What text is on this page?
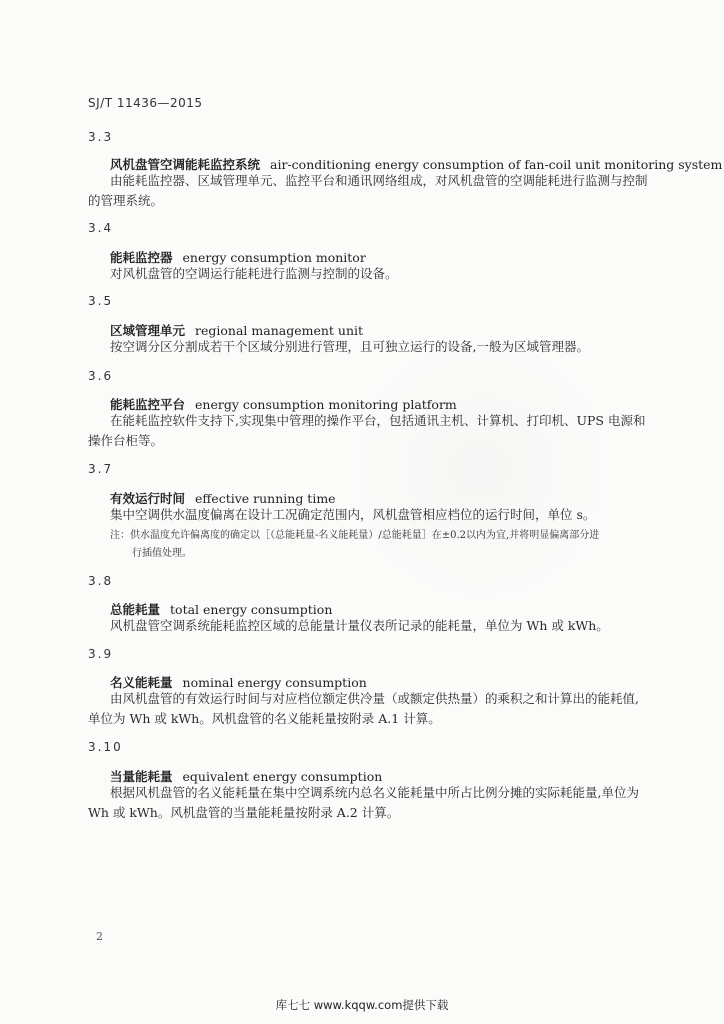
SJ/T 11436—2015
3.3
风机盘管空调能耗监控系统 air-conditioning energy consumption of fan-coil unit monitoring system
由能耗监控器、区域管理单元、监控平台和通讯网络组成，对风机盘管的空调能耗进行监测与控制
的管理系统。
3.4
能耗监控器 energy consumption monitor
对风机盘管的空调运行能耗进行监测与控制的设备。
3.5
区域管理单元 regional management unit
按空调分区分割成若干个区域分别进行管理，且可独立运行的设备,一般为区域管理器。
3.6
能耗监控平台 energy consumption monitoring platform
在能耗监控软件支持下,实现集中管理的操作平台，包括通讯主机、计算机、打印机、UPS 电源和
操作台柜等。
3.7
有效运行时间 effective running time
集中空调供水温度偏离在设计工况确定范围内，风机盘管相应档位的运行时间，单位 s。
注：供水温度允许偏离度的确定以［（总能耗量-名义能耗量）/总能耗量］在±0.2以内为宜,并将明显偏离部分进
行插值处理。
3.8
总能耗量 total energy consumption
风机盘管空调系统能耗监控区域的总能量计量仪表所记录的能耗量，单位为 Wh 或 kWh。
3.9
名义能耗量 nominal energy consumption
由风机盘管的有效运行时间与对应档位额定供冷量（或额定供热量）的乘积之和计算出的能耗值,
单位为 Wh 或 kWh。风机盘管的名义能耗量按附录 A.1 计算。
3.10
当量能耗量 equivalent energy consumption
根据风机盘管的名义能耗量在集中空调系统内总名义能耗量中所占比例分摊的实际耗能量,单位为
Wh 或 kWh。风机盘管的当量能耗量按附录 A.2 计算。
2
库七七 www.kqqw.com提供下载
